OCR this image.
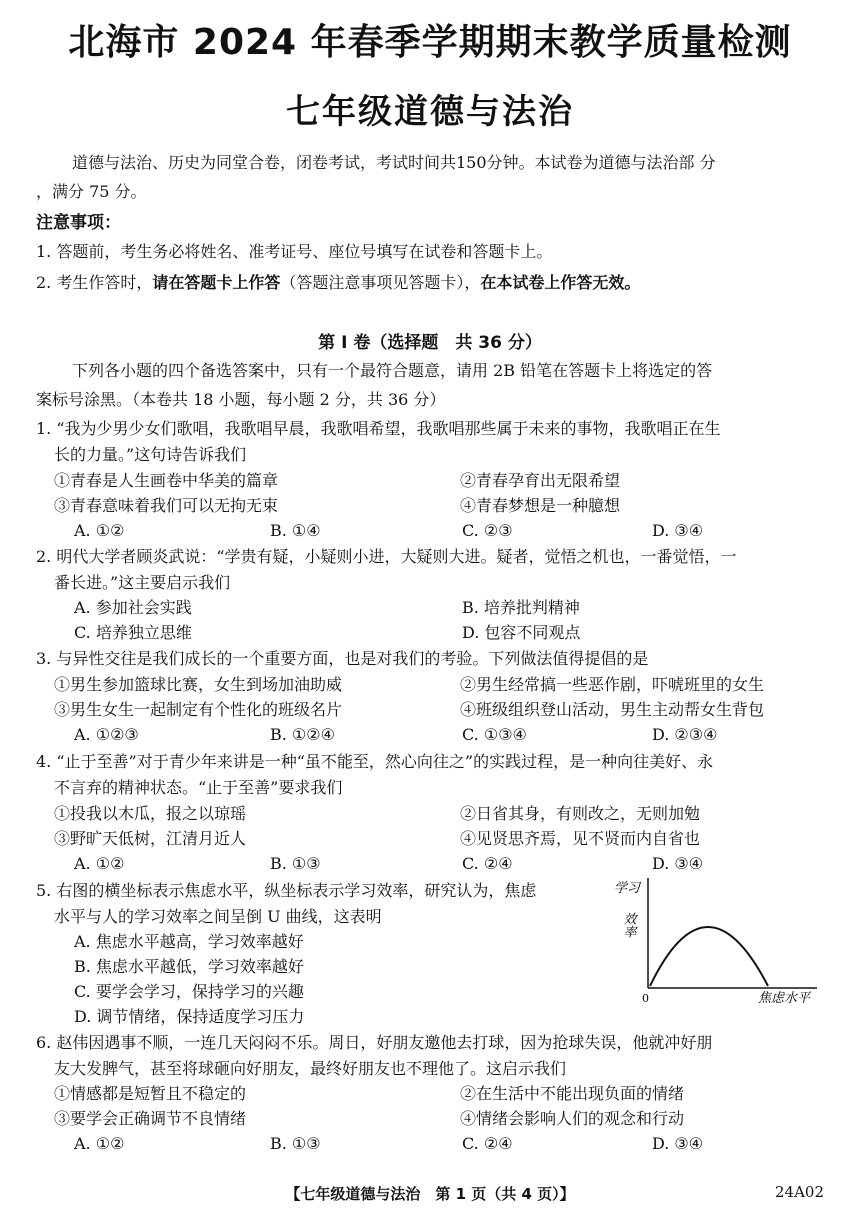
北海市 2024 年春季学期期末教学质量检测
七年级道德与法治
道德与法治、历史为同堂合卷，闭卷考试，考试时间共150分钟。本试卷为道德与法治部 分
，满分 75 分。
注意事项：
1. 答题前，考生务必将姓名、准考证号、座位号填写在试卷和答题卡上。
2. 考生作答时，请在答题卡上作答（答题注意事项见答题卡），在本试卷上作答无效。
第 Ⅰ 卷（选择题　共 36 分）
下列各小题的四个备选答案中，只有一个最符合题意，请用 2B 铅笔在答题卡上将选定的答
案标号涂黑。（本卷共 18 小题，每小题 2 分，共 36 分）
1. “我为少男少女们歌唱，我歌唱早晨，我歌唱希望，我歌唱那些属于未来的事物，我歌唱正在生
长的力量。”这句诗告诉我们
①青春是人生画卷中华美的篇章	②青春孕育出无限希望
③青春意味着我们可以无拘无束	④青春梦想是一种臆想
A. ①②	B. ①④	C. ②③	D. ③④
2. 明代大学者顾炎武说：“学贵有疑，小疑则小进，大疑则大进。疑者，觉悟之机也，一番觉悟，一
番长进。”这主要启示我们
A. 参加社会实践	B. 培养批判精神
C. 培养独立思维	D. 包容不同观点
3. 与异性交往是我们成长的一个重要方面，也是对我们的考验。下列做法值得提倡的是
①男生参加篮球比赛，女生到场加油助威	②男生经常搞一些恶作剧，吓唬班里的女生
③男生女生一起制定有个性化的班级名片	④班级组织登山活动，男生主动帮女生背包
A. ①②③	B. ①②④	C. ①③④	D. ②③④
4. “止于至善”对于青少年来讲是一种“虽不能至，然心向往之”的实践过程，是一种向往美好、永
不言弃的精神状态。“止于至善”要求我们
①投我以木瓜，报之以琼瑶	②日省其身，有则改之，无则加勉
③野旷天低树，江清月近人	④见贤思齐焉，见不贤而内自省也
A. ①②	B. ①③	C. ②④	D. ③④
5. 右图的横坐标表示焦虑水平，纵坐标表示学习效率，研究认为，焦虑
水平与人的学习效率之间呈倒 U 曲线，这表明
A. 焦虑水平越高，学习效率越好
B. 焦虑水平越低，学习效率越好
C. 要学会学习，保持学习的兴趣
D. 调节情绪，保持适度学习压力
学习
效率
0	焦虑水平
6. 赵伟因遇事不顺，一连几天闷闷不乐。周日，好朋友邀他去打球，因为抢球失误，他就冲好朋
友大发脾气，甚至将球砸向好朋友，最终好朋友也不理他了。这启示我们
①情感都是短暂且不稳定的	②在生活中不能出现负面的情绪
③要学会正确调节不良情绪	④情绪会影响人们的观念和行动
A. ①②	B. ①③	C. ②④	D. ③④
【七年级道德与法治　第 1 页（共 4 页）】	24A02
